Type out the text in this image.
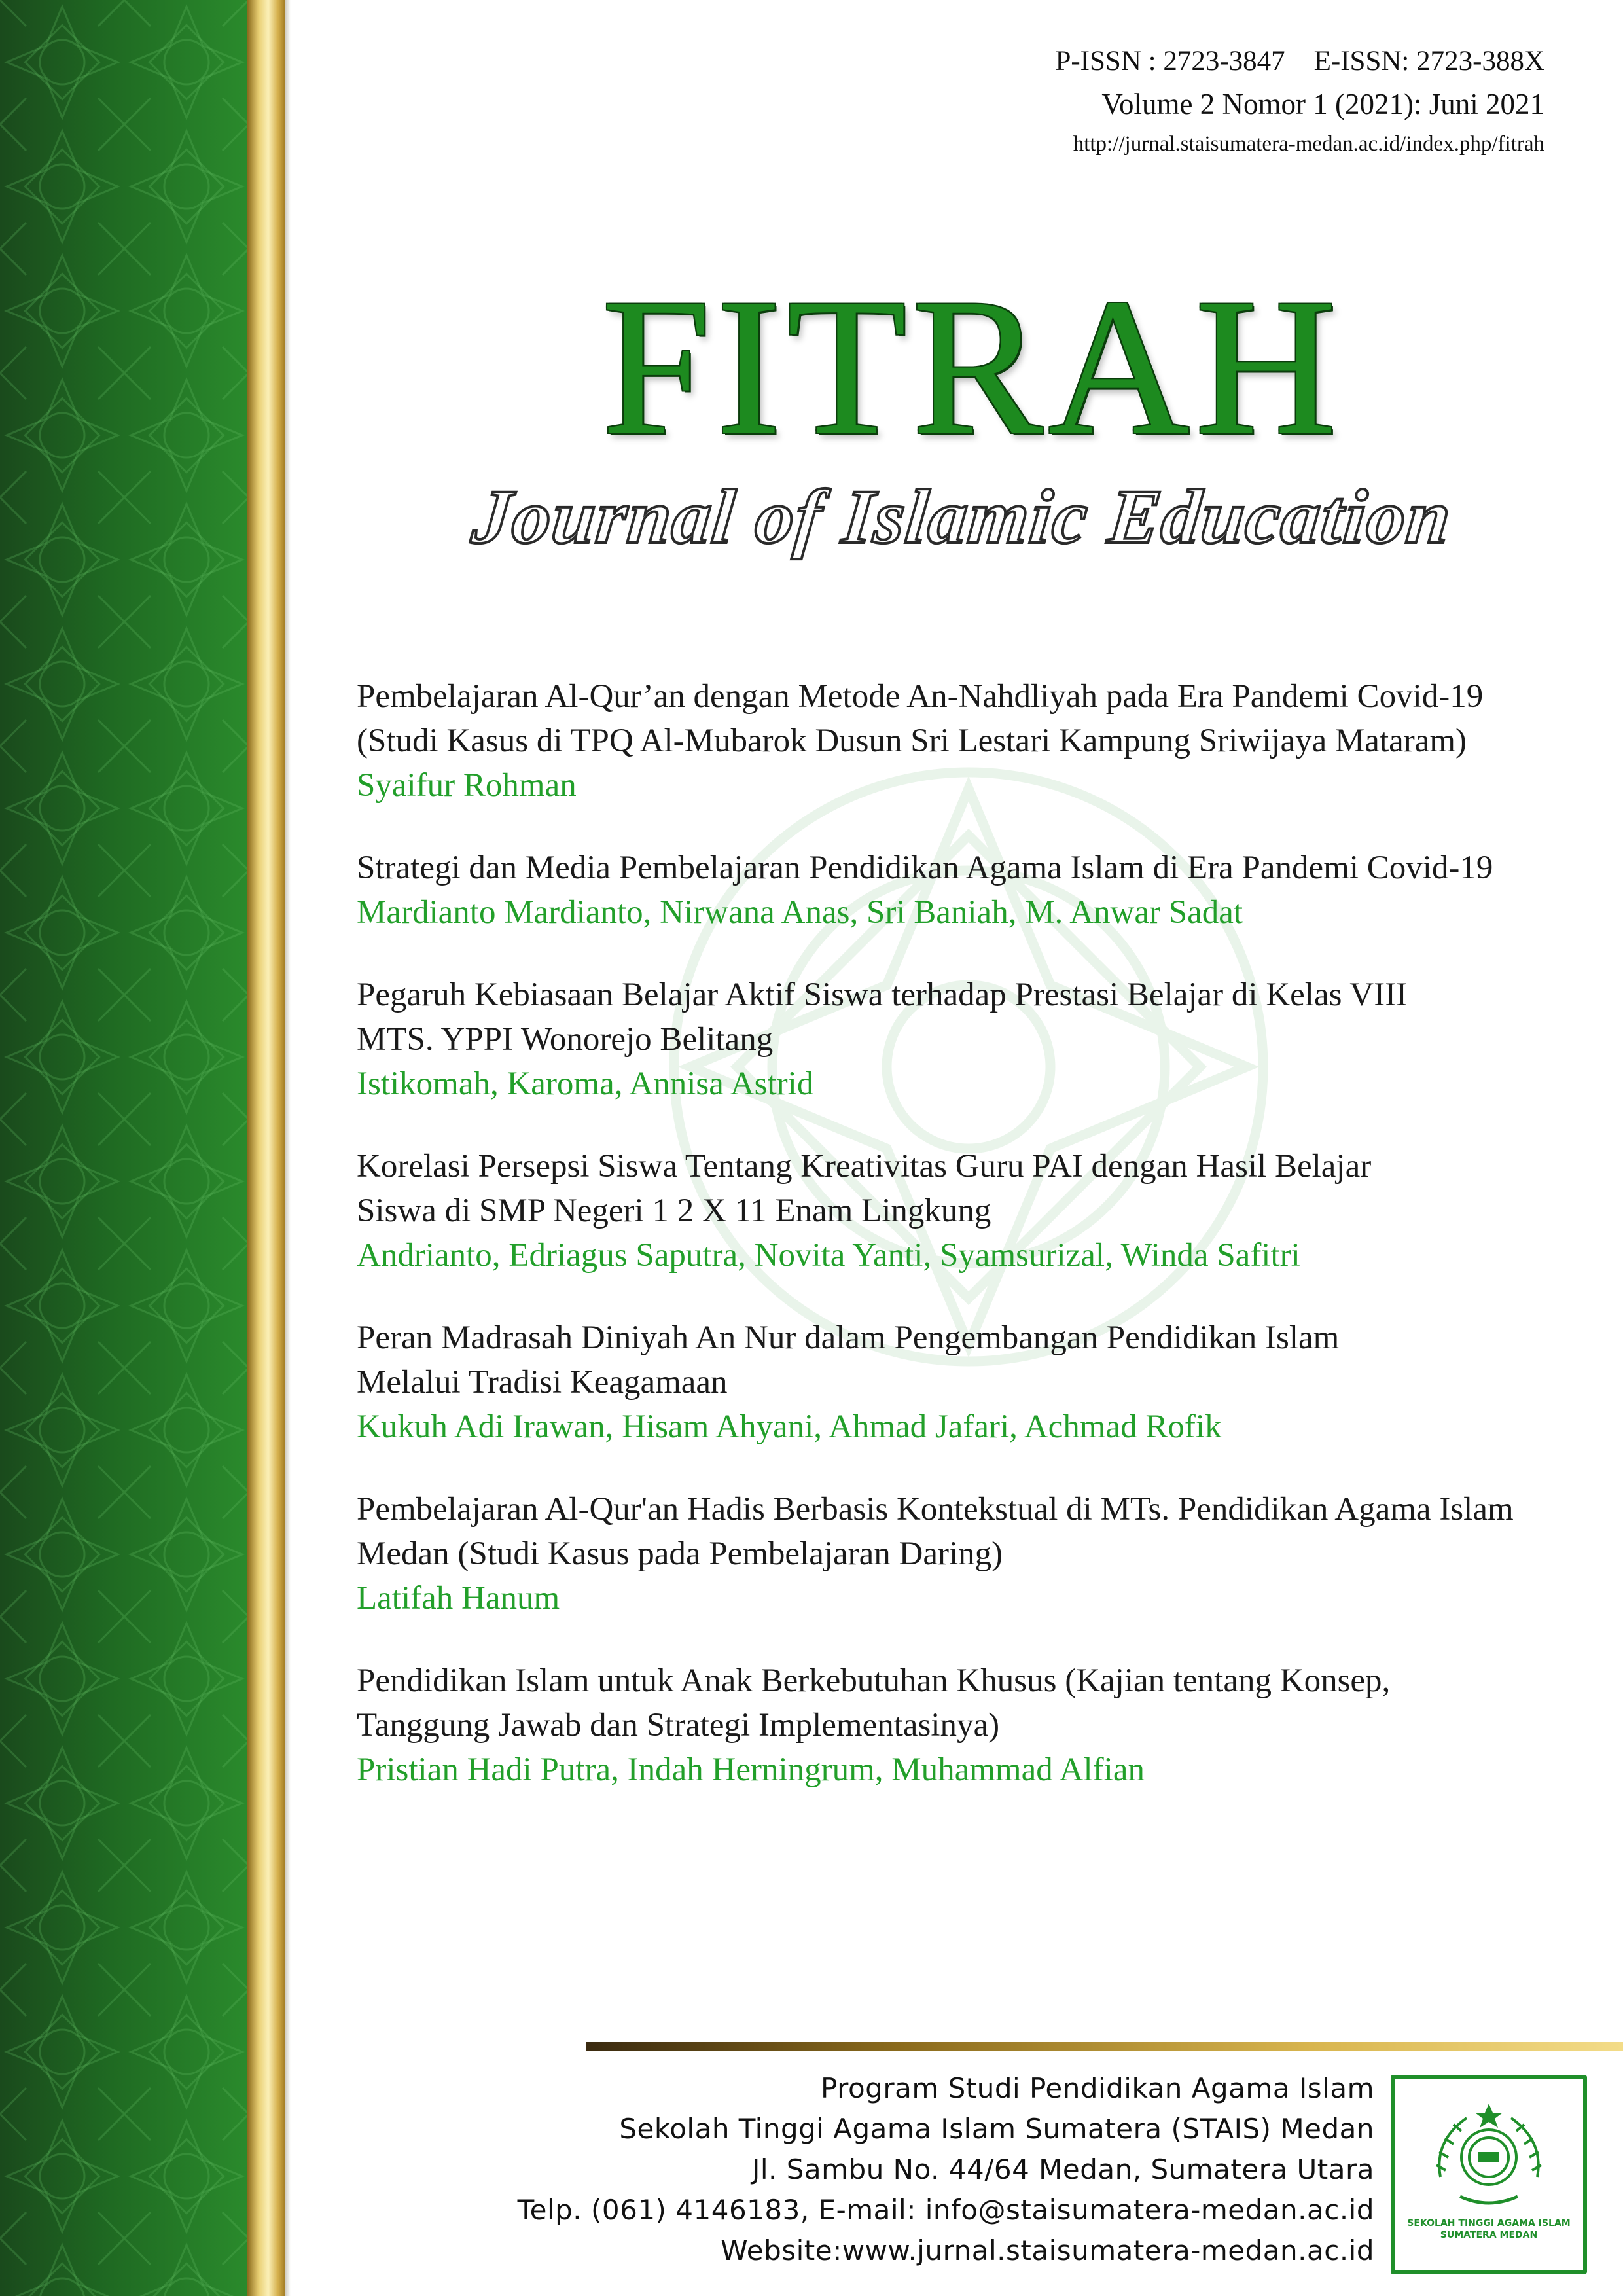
P-ISSN : 2723-3847 E-ISSN: 2723-388X
Volume 2 Nomor 1 (2021): Juni 2021
http://jurnal.staisumatera-medan.ac.id/index.php/fitrah
FITRAH
Journal of Islamic Education

Pembelajaran Al-Qur’an dengan Metode An-Nahdliyah pada Era Pandemi Covid-19

(Studi Kasus di TPQ Al-Mubarok Dusun Sri Lestari Kampung Sriwijaya Mataram)

Syaifur Rohman

Strategi dan Media Pembelajaran Pendidikan Agama Islam di Era Pandemi Covid-19

Mardianto Mardianto, Nirwana Anas, Sri Baniah, M. Anwar Sadat

Pegaruh Kebiasaan Belajar Aktif Siswa terhadap Prestasi Belajar di Kelas VIII

MTS. YPPI Wonorejo Belitang

Istikomah, Karoma, Annisa Astrid

Korelasi Persepsi Siswa Tentang Kreativitas Guru PAI dengan Hasil Belajar

Siswa di SMP Negeri 1 2 X 11 Enam Lingkung

Andrianto, Edriagus Saputra, Novita Yanti, Syamsurizal, Winda Safitri

Peran Madrasah Diniyah An Nur dalam Pengembangan Pendidikan Islam

Melalui Tradisi Keagamaan

Kukuh Adi Irawan, Hisam Ahyani, Ahmad Jafari, Achmad Rofik

Pembelajaran Al-Qur'an Hadis Berbasis Kontekstual di MTs. Pendidikan Agama Islam

Medan (Studi Kasus pada Pembelajaran Daring)

Latifah Hanum

Pendidikan Islam untuk Anak Berkebutuhan Khusus (Kajian tentang Konsep,

Tanggung Jawab dan Strategi Implementasinya)

Pristian Hadi Putra, Indah Herningrum, Muhammad Alfian

Program Studi Pendidikan Agama Islam

Sekolah Tinggi Agama Islam Sumatera (STAIS) Medan

Jl. Sambu No. 44/64 Medan, Sumatera Utara

Telp. (061) 4146183, E-mail: info@staisumatera-medan.ac.id

Website:www.jurnal.staisumatera-medan.ac.id

SEKOLAH TINGGI AGAMA ISLAM SUMATERA MEDAN
